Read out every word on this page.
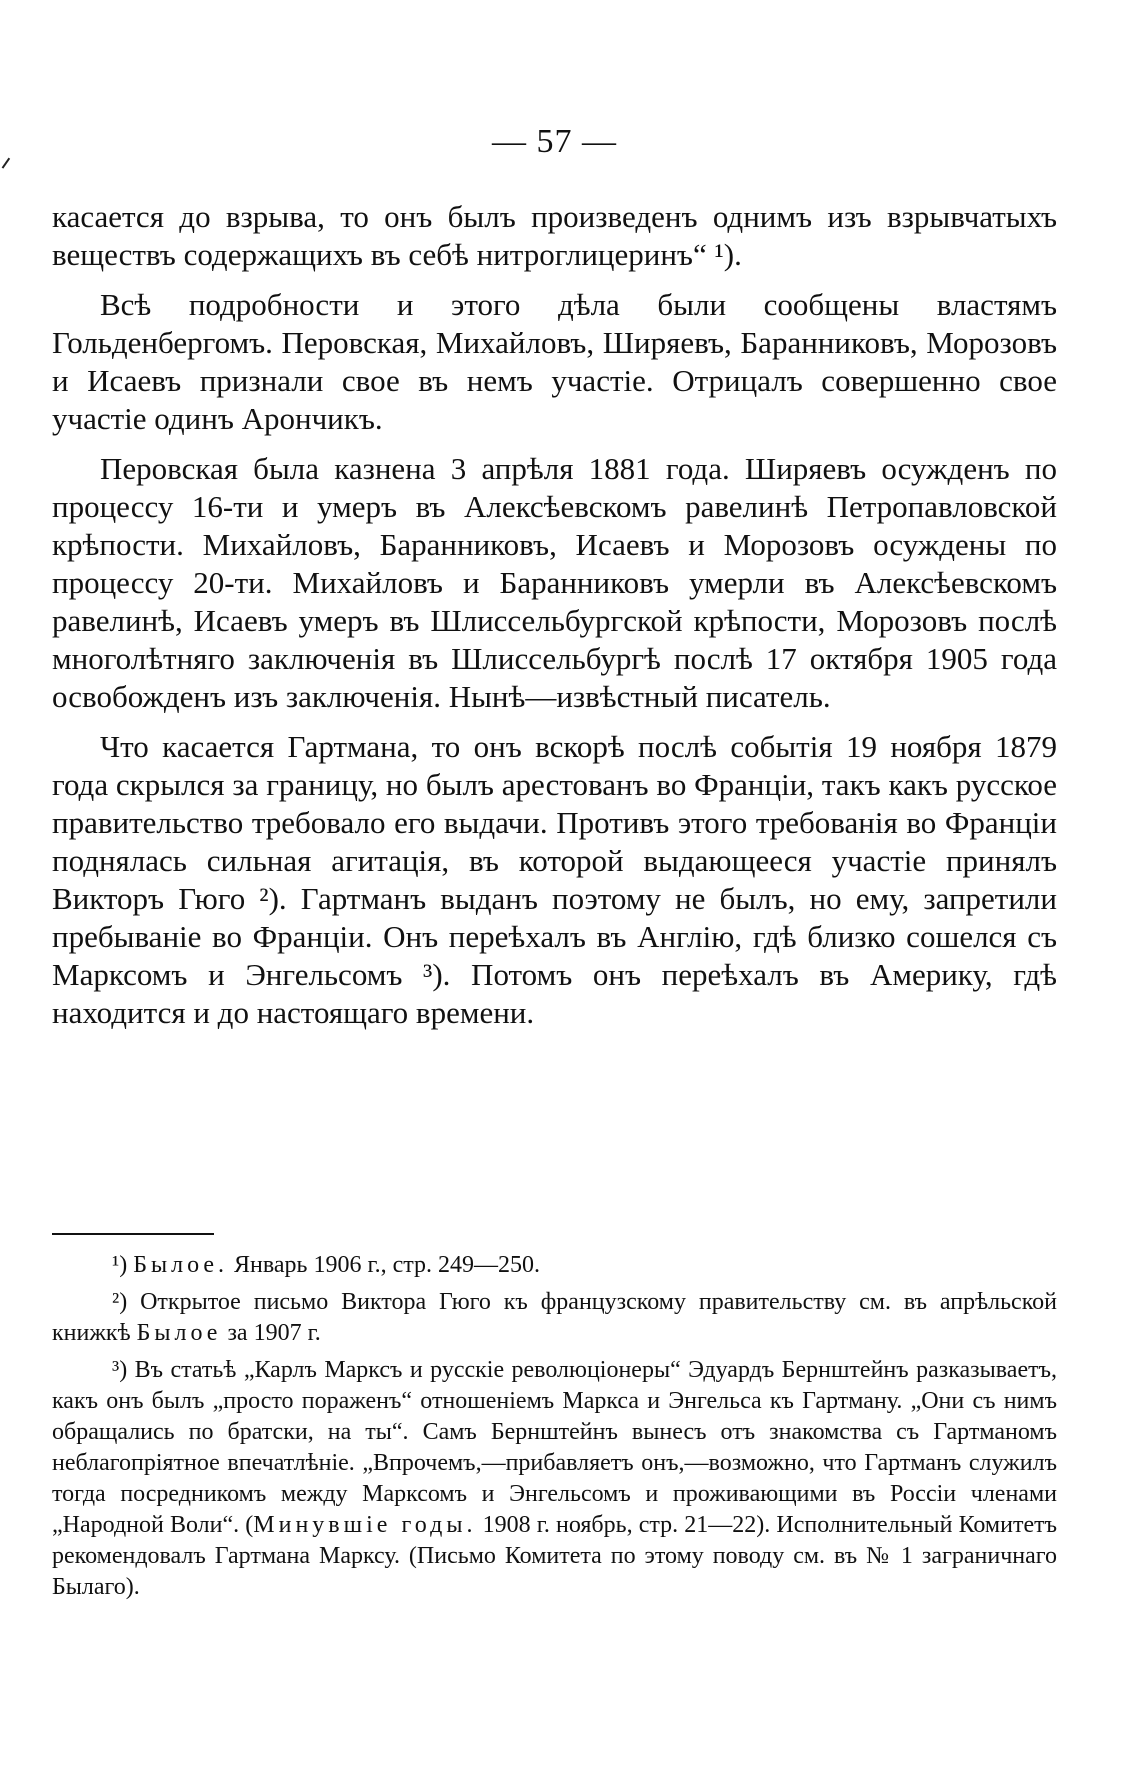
— 57 —

касается до взрыва, то онъ былъ произведенъ однимъ изъ взрывчатыхъ веществъ содержащихъ въ себѣ нитроглицеринъ“ ¹).

Всѣ подробности и этого дѣла были сообщены властямъ Гольденбергомъ. Перовская, Михайловъ, Ширяевъ, Баранниковъ, Морозовъ и Исаевъ признали свое въ немъ участіе. Отрицалъ совершенно свое участіе одинъ Арончикъ.

Перовская была казнена 3 апрѣля 1881 года. Ширяевъ осужденъ по процессу 16-ти и умеръ въ Алексѣевскомъ равелинѣ Петропавловской крѣпости. Михайловъ, Баранниковъ, Исаевъ и Морозовъ осуждены по процессу 20-ти. Михайловъ и Баранниковъ умерли въ Алексѣевскомъ равелинѣ, Исаевъ умеръ въ Шлиссельбургской крѣпости, Морозовъ послѣ многолѣтняго заключенія въ Шлиссельбургѣ послѣ 17 октября 1905 года освобожденъ изъ заключенія. Нынѣ—извѣстный писатель.

Что касается Гартмана, то онъ вскорѣ послѣ событія 19 ноября 1879 года скрылся за границу, но былъ арестованъ во Франціи, такъ какъ русское правительство требовало его выдачи. Противъ этого требованія во Франціи поднялась сильная агитація, въ которой выдающееся участіе принялъ Викторъ Гюго ²). Гартманъ выданъ поэтому не былъ, но ему, запретили пребываніе во Франціи. Онъ переѣхалъ въ Англію, гдѣ близко сошелся съ Марксомъ и Энгельсомъ ³). Потомъ онъ переѣхалъ въ Америку, гдѣ находится и до настоящаго времени.

¹) Былое. Январь 1906 г., стр. 249—250.

²) Открытое письмо Виктора Гюго къ французскому правительству см. въ апрѣльской книжкѣ Былое за 1907 г.

³) Въ статьѣ „Карлъ Марксъ и русскіе революціонеры“ Эдуардъ Бернштейнъ разказываетъ, какъ онъ былъ „просто пораженъ“ отношеніемъ Маркса и Энгельса къ Гартману. „Они съ нимъ обращались по братски, на ты“. Самъ Бернштейнъ вынесъ отъ знакомства съ Гартманомъ неблагопріятное впечатлѣніе. „Впрочемъ,—прибавляетъ онъ,—возможно, что Гартманъ служилъ тогда посредникомъ между Марксомъ и Энгельсомъ и проживающими въ Россіи членами „Народной Воли“. (Минувшіе годы. 1908 г. ноябрь, стр. 21—22). Исполнительный Комитетъ рекомендовалъ Гартмана Марксу. (Письмо Комитета по этому поводу см. въ № 1 заграничнаго Былаго).
